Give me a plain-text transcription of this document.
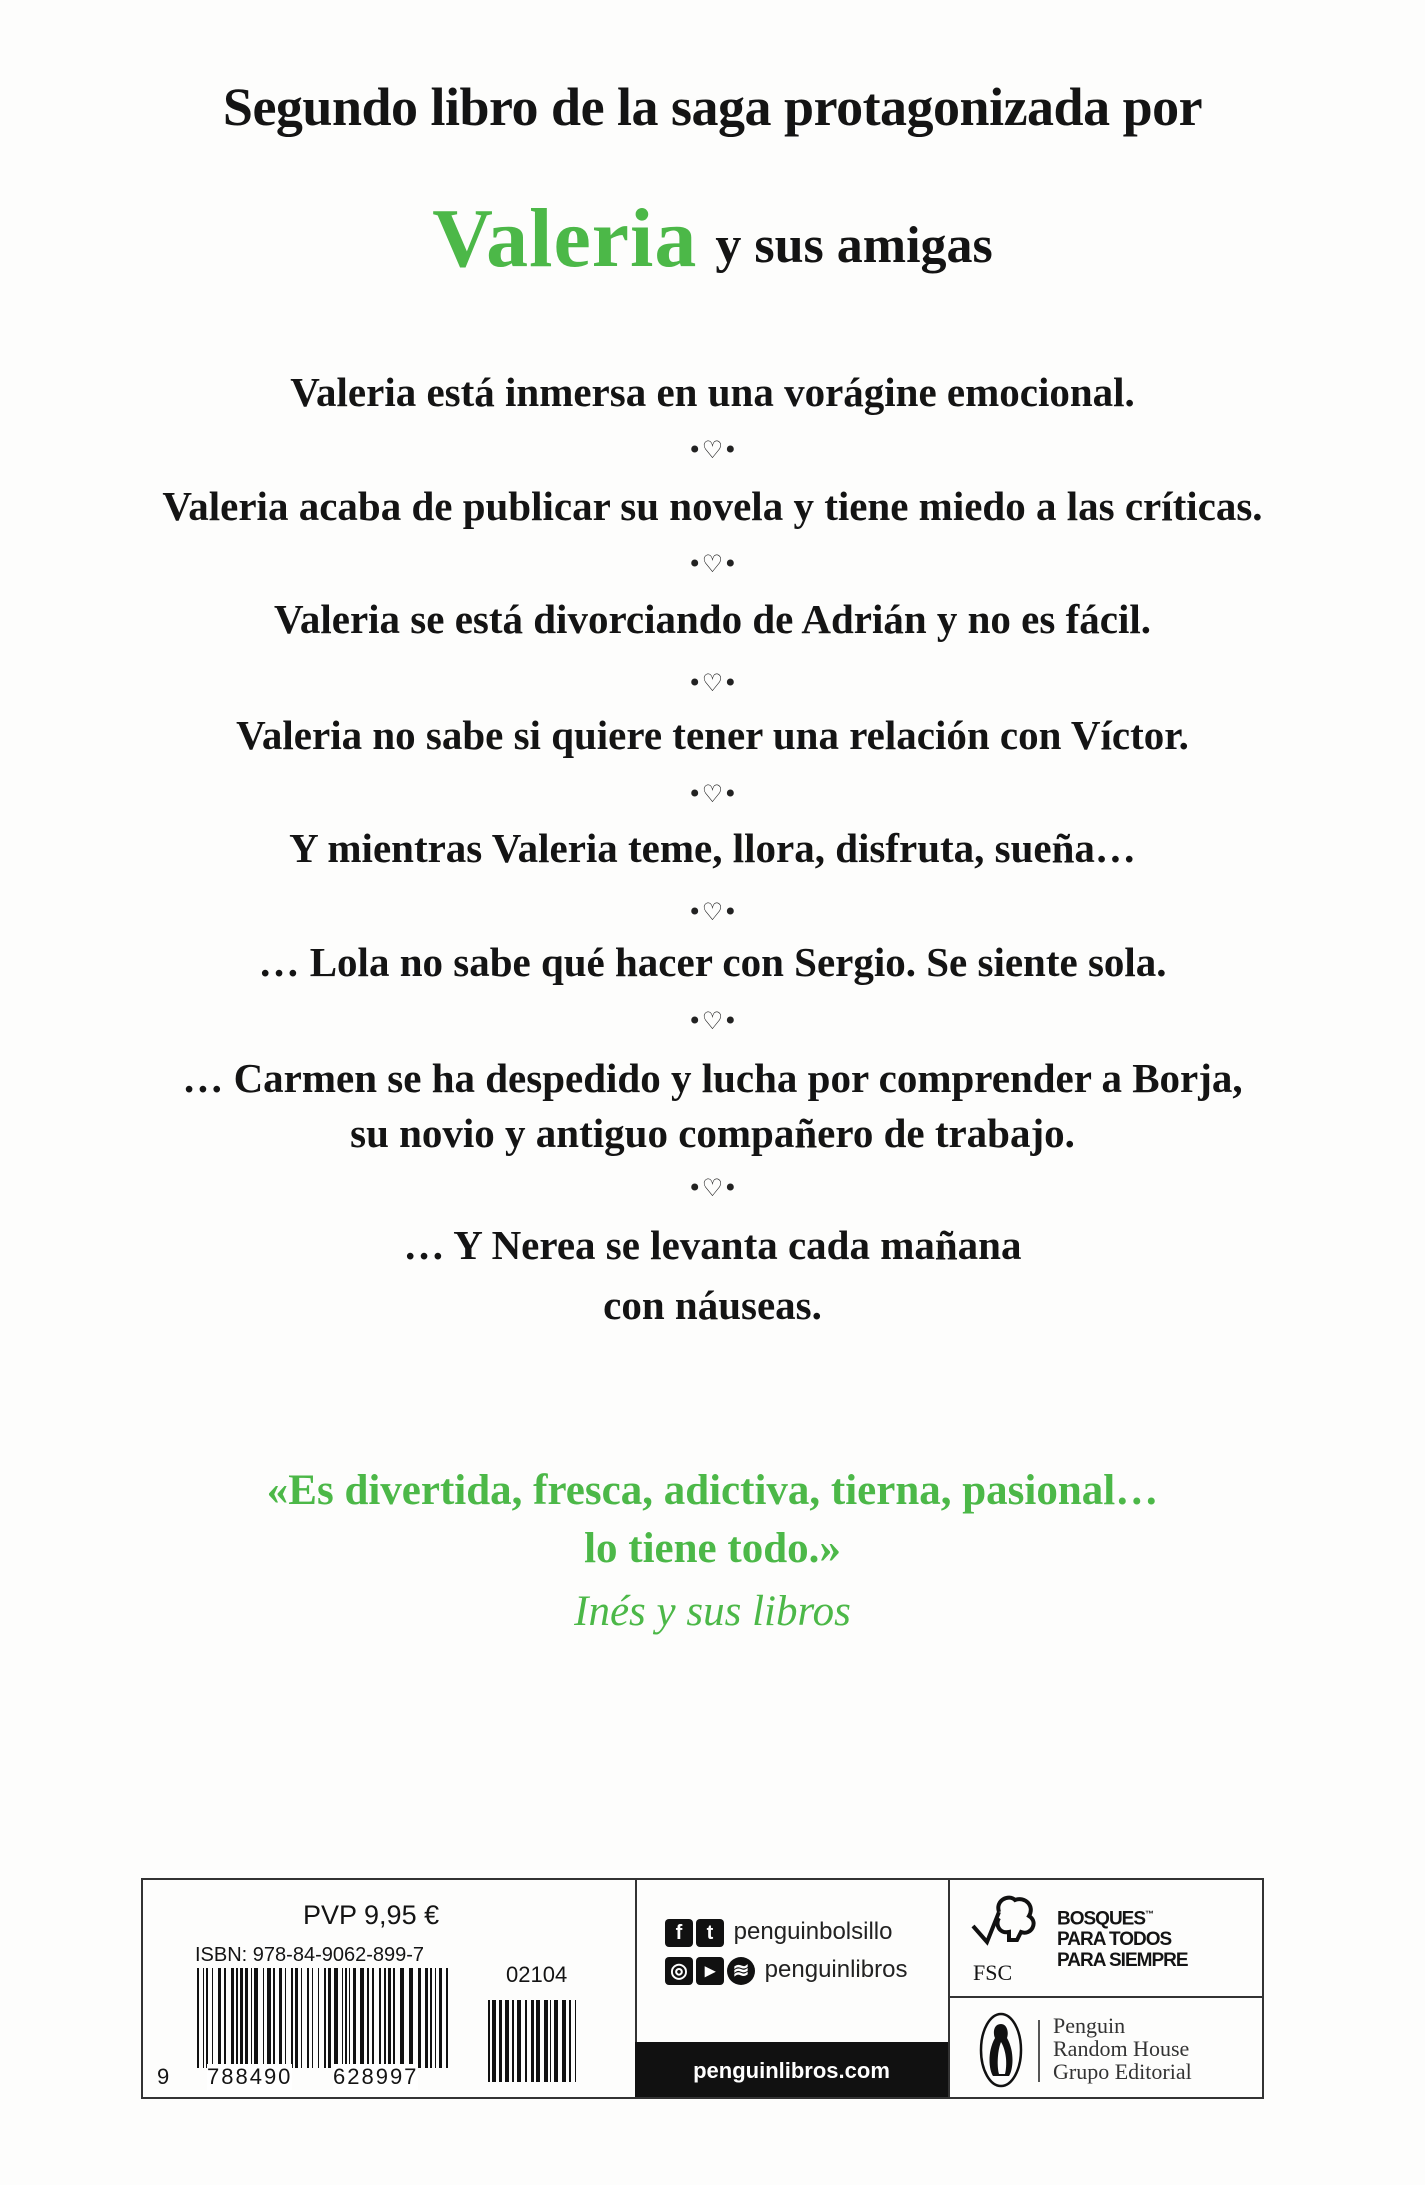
Segundo libro de la saga protagonizada por
Valeria y sus amigas
Valeria está inmersa en una vorágine emocional.
•♡•
Valeria acaba de publicar su novela y tiene miedo a las críticas.
•♡•
Valeria se está divorciando de Adrián y no es fácil.
•♡•
Valeria no sabe si quiere tener una relación con Víctor.
•♡•
Y mientras Valeria teme, llora, disfruta, sueña…
•♡•
… Lola no sabe qué hacer con Sergio. Se siente sola.
•♡•
… Carmen se ha despedido y lucha por comprender a Borja,
su novio y antiguo compañero de trabajo.
•♡•
… Y Nerea se levanta cada mañana
con náuseas.
«Es divertida, fresca, adictiva, tierna, pasional…
lo tiene todo.»
Inés y sus libros
PVP 9,95 €
ISBN: 978-84-9062-899-7
9 788490 628997
02104
f t penguinbolsillo
◎ ▸ ≋ penguinlibros
penguinlibros.com
FSC
BOSQUES™
PARA TODOS
PARA SIEMPRE
Penguin
Random House
Grupo Editorial
